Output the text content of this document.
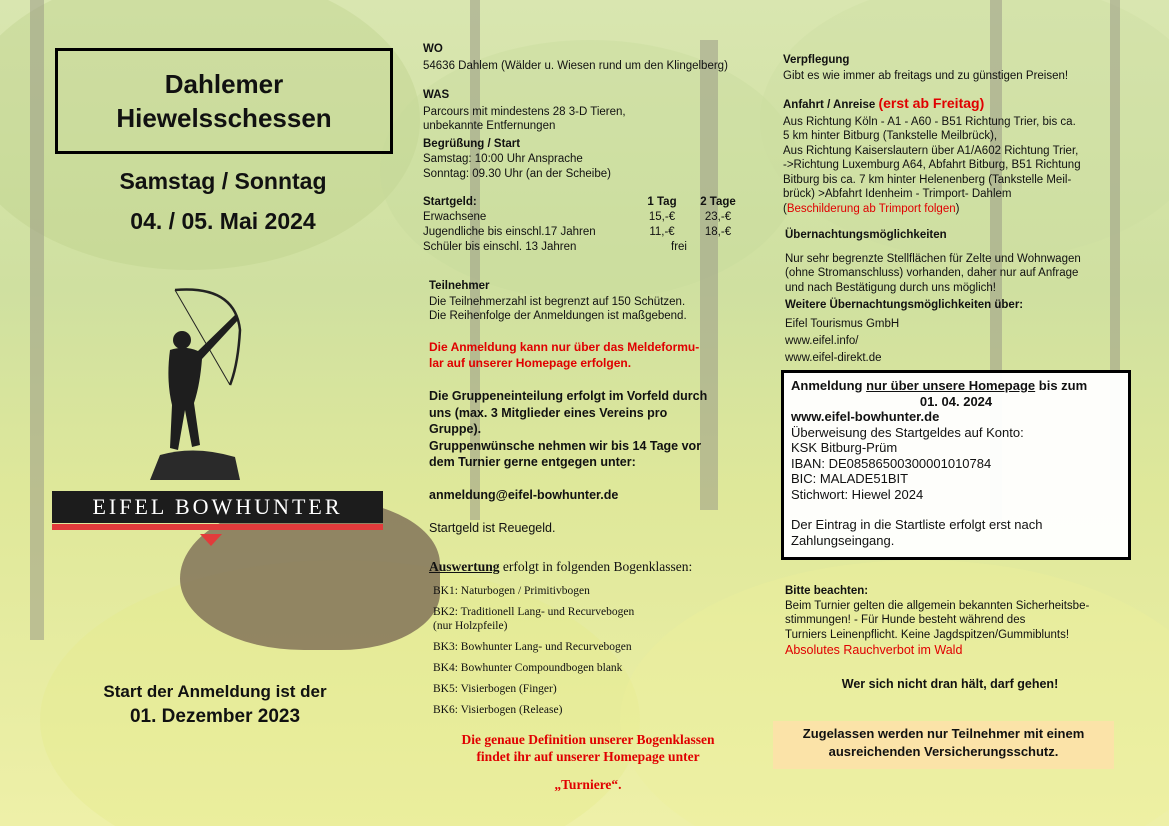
Dahlemer
Hiewelsschessen
Samstag / Sonntag
04. / 05. Mai 2024
EIFEL BOWHUNTER
Start der Anmeldung ist der
01. Dezember 2023
WO
54636 Dahlem (Wälder u. Wiesen rund um den Klingelberg)
WAS
Parcours mit mindestens 28 3-D Tieren,
unbekannte Entfernungen
Begrüßung / Start
Samstag: 10:00 Uhr Ansprache
Sonntag: 09.30 Uhr (an der Scheibe)
Startgeld:	1 Tag	2 Tage
Erwachsene	15,-€	23,-€
Jugendliche bis einschl.17 Jahren	11,-€	18,-€
Schüler bis einschl. 13 Jahren	frei	
Teilnehmer
Die Teilnehmerzahl ist begrenzt auf 150 Schützen.
Die Reihenfolge der Anmeldungen ist maßgebend.
Die Anmeldung kann nur über das Meldeformu-
lar auf unserer Homepage erfolgen.
Die Gruppeneinteilung erfolgt im Vorfeld durch
uns (max. 3 Mitglieder eines Vereins pro
Gruppe).
Gruppenwünsche nehmen wir bis 14 Tage vor
dem Turnier gerne entgegen unter:
anmeldung@eifel-bowhunter.de
Startgeld ist Reuegeld.
Auswertung erfolgt in folgenden Bogenklassen:
BK1: Naturbogen / Primitivbogen
BK2: Traditionell Lang- und Recurvebogen
(nur Holzpfeile)
BK3: Bowhunter Lang- und Recurvebogen
BK4: Bowhunter Compoundbogen blank
BK5: Visierbogen (Finger)
BK6: Visierbogen (Release)
Die genaue Definition unserer Bogenklassen
findet ihr auf unserer Homepage unter
„Turniere“.
Verpflegung
Gibt es wie immer ab freitags und zu günstigen Preisen!
Anfahrt / Anreise (erst ab Freitag)
Aus Richtung Köln - A1 - A60 - B51 Richtung Trier, bis ca.
5 km hinter Bitburg (Tankstelle Meilbrück),
Aus Richtung Kaiserslautern über A1/A602 Richtung Trier,
->Richtung Luxemburg A64, Abfahrt Bitburg, B51 Richtung
Bitburg bis ca. 7 km hinter Helenenberg (Tankstelle Meil-
brück) >Abfahrt Idenheim - Trimport- Dahlem
(Beschilderung ab Trimport folgen)
Übernachtungsmöglichkeiten
Nur sehr begrenzte Stellflächen für Zelte und Wohnwagen
(ohne Stromanschluss) vorhanden, daher nur auf Anfrage
und nach Bestätigung durch uns möglich!
Weitere Übernachtungsmöglichkeiten über:
Eifel Tourismus GmbH
www.eifel.info/
www.eifel-direkt.de
Anmeldung nur über unsere Homepage bis zum
01. 04. 2024
www.eifel-bowhunter.de
Überweisung des Startgeldes auf Konto:
KSK Bitburg-Prüm
IBAN: DE08586500300001010784
BIC: MALADE51BIT
Stichwort: Hiewel 2024
Der Eintrag in die Startliste erfolgt erst nach
Zahlungseingang.
Bitte beachten:
Beim Turnier gelten die allgemein bekannten Sicherheitsbe-
stimmungen! - Für Hunde besteht während des
Turniers Leinenpflicht. Keine Jagdspitzen/Gummiblunts!
Absolutes Rauchverbot im Wald
Wer sich nicht dran hält, darf gehen!
Zugelassen werden nur Teilnehmer mit einem
ausreichenden Versicherungsschutz.
